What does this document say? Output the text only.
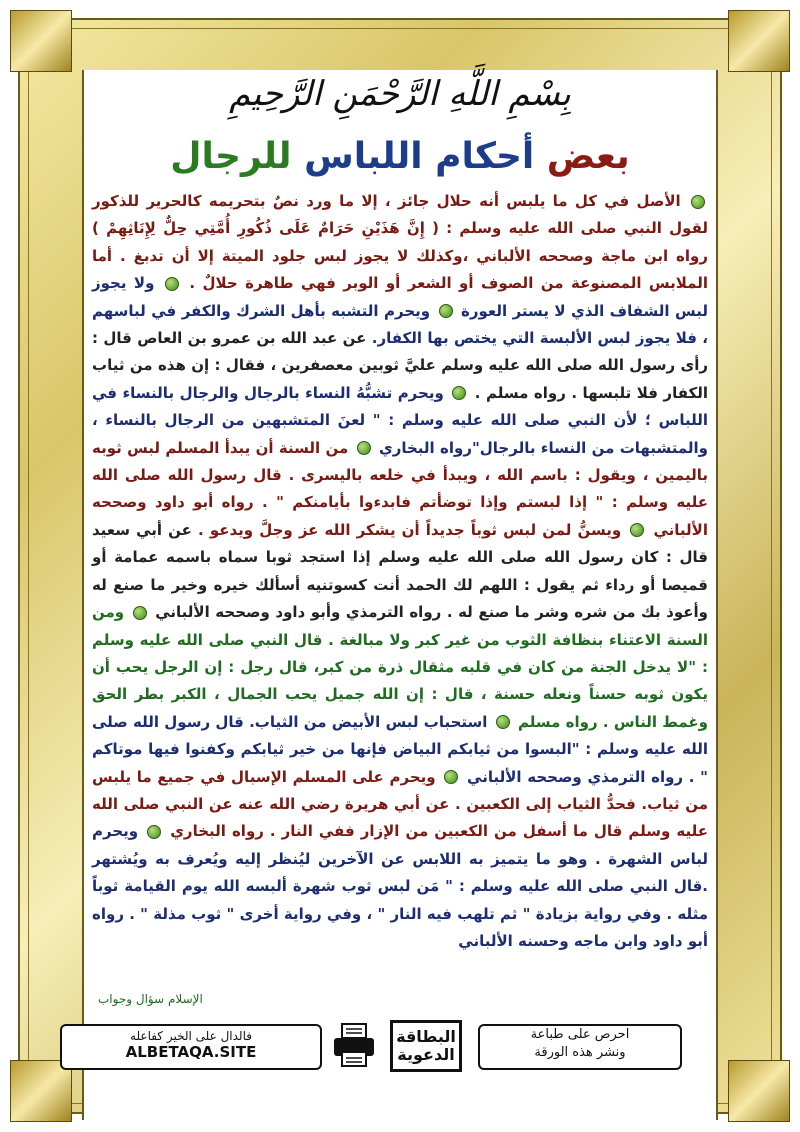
بِسْمِ اللَّهِ الرَّحْمَنِ الرَّحِيمِ
بعض أحكام اللباس للرجال
الأصل في كل ما يلبس أنه حلال جائز ، إلا ما ورد نصٌ بتحريمه كالحرير للذكور لقول النبي صلى الله عليه وسلم : ( إِنَّ هَذَيْنِ حَرَامٌ عَلَى ذُكُورِ أُمَّتِي حِلٌّ لِإِنَاثِهِمْ ) رواه ابن ماجة وصححه الألباني ،وكذلك لا يجوز لبس جلود الميتة إلا أن تدبغ . أما الملابس المصنوعة من الصوف أو الشعر أو الوبر فهي طاهرة حلالٌ .  ولا يجوز لبس الشفاف الذي لا يستر العورة  ويحرم التشبه بأهل الشرك والكفر في لباسهم ، فلا يجوز لبس الألبسة التي يختص بها الكفار. عن عبد الله بن عمرو بن العاص قال : رأى رسول الله صلى الله عليه وسلم عليَّ ثوبين معصفرين ، فقال : إن هذه من ثياب الكفار فلا تلبسها . رواه مسلم .  ويحرم تشبُّهُ النساء بالرجال والرجال بالنساء في اللباس ؛ لأن النبي صلى الله عليه وسلم : " لعنَ المتشبهين من الرجال بالنساء ، والمتشبهات من النساء بالرجال"رواه البخاري  من السنة أن يبدأ المسلم لبس ثوبه باليمين ، ويقول : باسم الله ، ويبدأ في خلعه باليسرى . قال رسول الله صلى الله عليه وسلم : " إذا لبستم وإذا توضأتم فابدءوا بأيامنكم " . رواه أبو داود وصححه الألباني  ويسنُّ لمن لبس ثوباً جديداً أن يشكر الله عز وجلَّ ويدعو . عن أبي سعيد قال : كان رسول الله صلى الله عليه وسلم إذا استجد ثوبا سماه باسمه عمامة أو قميصا أو رداء ثم يقول : اللهم لك الحمد أنت كسوتنيه أسألك خيره وخير ما صنع له وأعوذ بك من شره وشر ما صنع له . رواه الترمذي وأبو داود وصححه الألباني  ومن السنة الاعتناء بنظافة الثوب من غير كبر ولا مبالغة . قال النبي صلى الله عليه وسلم : "لا يدخل الجنة من كان في قلبه مثقال ذرة من كبر، قال رجل : إن الرجل يحب أن يكون ثوبه حسناً ونعله حسنة ، قال : إن الله جميل يحب الجمال ، الكبر بطر الحق وغمط الناس . رواه مسلم  استحباب لبس الأبيض من الثياب. قال رسول الله صلى الله عليه وسلم : "البسوا من ثيابكم البياض فإنها من خير ثيابكم وكفنوا فيها موتاكم " . رواه الترمذي وصححه الألباني  ويحرم على المسلم الإسبال في جميع ما يلبس من ثياب. فحدُّ الثياب إلى الكعبين . عن أبي هريرة رضي الله عنه عن النبي صلى الله عليه وسلم قال ما أسفل من الكعبين من الإزار ففي النار . رواه البخاري  ويحرم لباس الشهرة . وهو ما يتميز به اللابس عن الآخرين ليُنظر إليه ويُعرف به ويُشتهر .قال النبي صلى الله عليه وسلم : " مَن لبس ثوب شهرة ألبسه الله يوم القيامة ثوباً مثله . وفي رواية بزيادة " ثم تلهب فيه النار " ، وفي رواية أخرى " ثوب مذلة " . رواه أبو داود وابن ماجه وحسنه الألباني
الإسلام سؤال وجواب
فالدال على الخير كفاعله
ALBETAQA.SITE
البطاقة
الدعوية
احرص على طباعة
ونشر هذه الورقة
